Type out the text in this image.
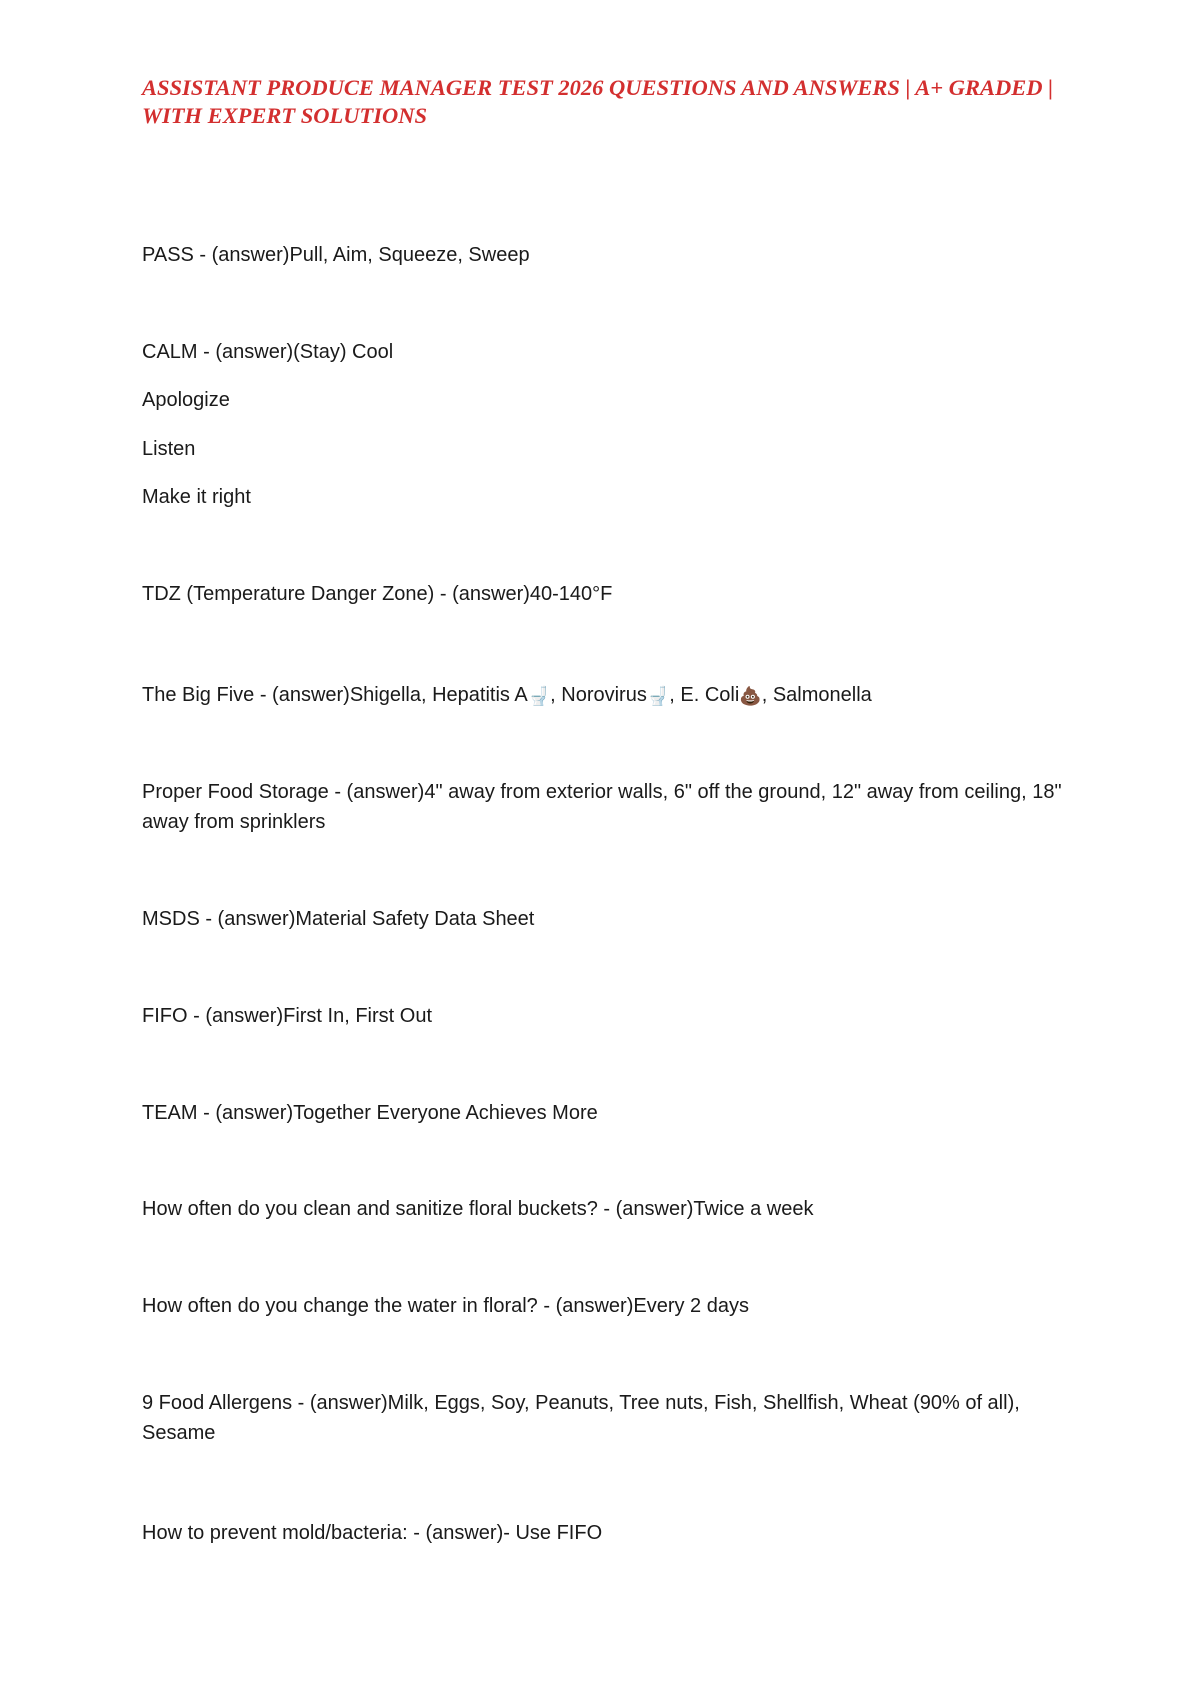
ASSISTANT PRODUCE MANAGER TEST 2026 QUESTIONS AND ANSWERS | A+ GRADED | WITH EXPERT SOLUTIONS

PASS - (answer)Pull, Aim, Squeeze, Sweep

CALM - (answer)(Stay) Cool

Apologize

Listen

Make it right

TDZ (Temperature Danger Zone) - (answer)40-140°F

The Big Five - (answer)Shigella, Hepatitis A🚽, Norovirus🚽, E. Coli💩, Salmonella

Proper Food Storage - (answer)4" away from exterior walls, 6" off the ground, 12" away from ceiling, 18" away from sprinklers

MSDS - (answer)Material Safety Data Sheet

FIFO - (answer)First In, First Out

TEAM - (answer)Together Everyone Achieves More

How often do you clean and sanitize floral buckets? - (answer)Twice a week

How often do you change the water in floral? - (answer)Every 2 days

9 Food Allergens - (answer)Milk, Eggs, Soy, Peanuts, Tree nuts, Fish, Shellfish, Wheat (90% of all), Sesame

How to prevent mold/bacteria: - (answer)- Use FIFO
